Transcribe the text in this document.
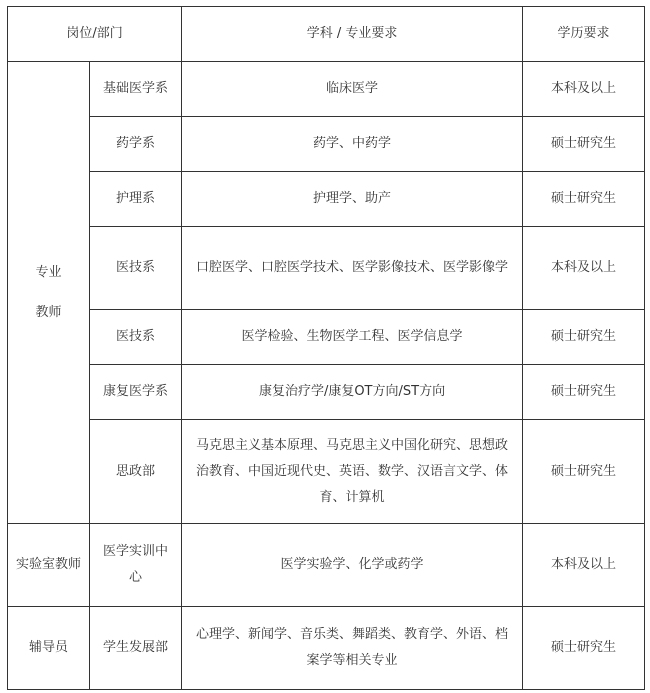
岗位/部门		学科 / 专业要求	学历要求

专业
教师	基础医学系	临床医学	本科及以上
	药学系	药学、中药学	硕士研究生
	护理系	护理学、助产	硕士研究生
	医技系	口腔医学、口腔医学技术、医学影像技术、医学影像学	本科及以上
	医技系	医学检验、生物医学工程、医学信息学	硕士研究生
	康复医学系	康复治疗学/康复OT方向/ST方向	硕士研究生
	思政部	马克思主义基本原理、马克思主义中国化研究、思想政治教育、中国近现代史、英语、数学、汉语言文学、体育、计算机	硕士研究生
实验室教师	医学实训中心	医学实验学、化学或药学	本科及以上
辅导员	学生发展部	心理学、新闻学、音乐类、舞蹈类、教育学、外语、档案学等相关专业	硕士研究生
